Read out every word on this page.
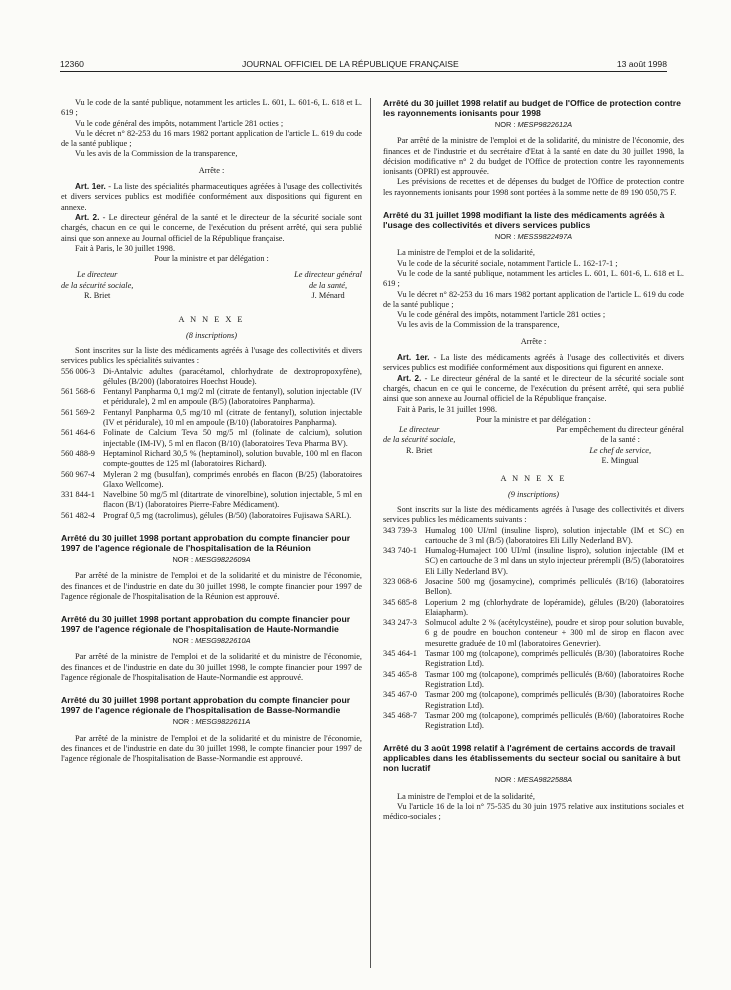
12360	JOURNAL OFFICIEL DE LA RÉPUBLIQUE FRANÇAISE	13 août 1998

Vu le code de la santé publique, notamment les articles L. 601, L. 601-6, L. 618 et L. 619 ;

Vu le code général des impôts, notamment l'article 281 octies ;

Vu le décret n° 82-253 du 16 mars 1982 portant application de l'article L. 619 du code de la santé publique ;

Vu les avis de la Commission de la transparence,

Arrête :

Art. 1er. - La liste des spécialités pharmaceutiques agréées à l'usage des collectivités et divers services publics est modifiée conformément aux dispositions qui figurent en annexe.

Art. 2. - Le directeur général de la santé et le directeur de la sécurité sociale sont chargés, chacun en ce qui le concerne, de l'exécution du présent arrêté, qui sera publié ainsi que son annexe au Journal officiel de la République française.

Fait à Paris, le 30 juillet 1998.

Pour la ministre et par délégation :

Le directeur
de la sécurité sociale,
R. Briet
Le directeur général
de la santé,
J. Ménard

A N N E X E

(8 inscriptions)

Sont inscrites sur la liste des médicaments agréés à l'usage des collectivités et divers services publics les spécialités suivantes :

556 006-3 Di-Antalvic adultes (paracétamol, chlorhydrate de dextropropoxyfène), gélules (B/200) (laboratoires Hoechst Houde).
561 568-6 Fentanyl Panpharma 0,1 mg/2 ml (citrate de fentanyl), solution injectable (IV et péridurale), 2 ml en ampoule (B/5) (laboratoires Panpharma).
561 569-2 Fentanyl Panpharma 0,5 mg/10 ml (citrate de fentanyl), solution injectable (IV et péridurale), 10 ml en ampoule (B/10) (laboratoires Panpharma).
561 464-6 Folinate de Calcium Teva 50 mg/5 ml (folinate de calcium), solution injectable (IM-IV), 5 ml en flacon (B/10) (laboratoires Teva Pharma BV).
560 488-9 Heptaminol Richard 30,5 % (heptaminol), solution buvable, 100 ml en flacon compte-gouttes de 125 ml (laboratoires Richard).
560 967-4 Myleran 2 mg (busulfan), comprimés enrobés en flacon (B/25) (laboratoires Glaxo Wellcome).
331 844-1 Navelbine 50 mg/5 ml (ditartrate de vinorelbine), solution injectable, 5 ml en flacon (B/1) (laboratoires Pierre-Fabre Médicament).
561 482-4 Prograf 0,5 mg (tacrolimus), gélules (B/50) (laboratoires Fujisawa SARL).

Arrêté du 30 juillet 1998 portant approbation du compte financier pour 1997 de l'agence régionale de l'hospitalisation de la Réunion

NOR : MESG9822609A

Par arrêté de la ministre de l'emploi et de la solidarité et du ministre de l'économie, des finances et de l'industrie en date du 30 juillet 1998, le compte financier pour 1997 de l'agence régionale de l'hospitalisation de la Réunion est approuvé.

Arrêté du 30 juillet 1998 portant approbation du compte financier pour 1997 de l'agence régionale de l'hospitalisation de Haute-Normandie

NOR : MESG9822610A

Par arrêté de la ministre de l'emploi et de la solidarité et du ministre de l'économie, des finances et de l'industrie en date du 30 juillet 1998, le compte financier pour 1997 de l'agence régionale de l'hospitalisation de Haute-Normandie est approuvé.

Arrêté du 30 juillet 1998 portant approbation du compte financier pour 1997 de l'agence régionale de l'hospitalisation de Basse-Normandie

NOR : MESG9822611A

Par arrêté de la ministre de l'emploi et de la solidarité et du ministre de l'économie, des finances et de l'industrie en date du 30 juillet 1998, le compte financier pour 1997 de l'agence régionale de l'hospitalisation de Basse-Normandie est approuvé.

Arrêté du 30 juillet 1998 relatif au budget de l'Office de protection contre les rayonnements ionisants pour 1998

NOR : MESP9822612A

Par arrêté de la ministre de l'emploi et de la solidarité, du ministre de l'économie, des finances et de l'industrie et du secrétaire d'Etat à la santé en date du 30 juillet 1998, la décision modificative n° 2 du budget de l'Office de protection contre les rayonnements ionisants (OPRI) est approuvée.

Les prévisions de recettes et de dépenses du budget de l'Office de protection contre les rayonnements ionisants pour 1998 sont portées à la somme nette de 89 190 050,75 F.

Arrêté du 31 juillet 1998 modifiant la liste des médicaments agréés à l'usage des collectivités et divers services publics

NOR : MESS9822497A

La ministre de l'emploi et de la solidarité,

Vu le code de la sécurité sociale, notamment l'article L. 162-17-1 ;

Vu le code de la santé publique, notamment les articles L. 601, L. 601-6, L. 618 et L. 619 ;

Vu le décret n° 82-253 du 16 mars 1982 portant application de l'article L. 619 du code de la santé publique ;

Vu le code général des impôts, notamment l'article 281 octies ;

Vu les avis de la Commission de la transparence,

Arrête :

Art. 1er. - La liste des médicaments agréés à l'usage des collectivités et divers services publics est modifiée conformément aux dispositions qui figurent en annexe.

Art. 2. - Le directeur général de la santé et le directeur de la sécurité sociale sont chargés, chacun en ce qui le concerne, de l'exécution du présent arrêté, qui sera publié ainsi que son annexe au Journal officiel de la République française.

Fait à Paris, le 31 juillet 1998.

Pour la ministre et par délégation :

Le directeur
de la sécurité sociale,
R. Briet
Par empêchement du directeur général
de la santé :
Le chef de service,
E. Mingual

A N N E X E

(9 inscriptions)

Sont inscrits sur la liste des médicaments agréés à l'usage des collectivités et divers services publics les médicaments suivants :

343 739-3 Humalog 100 UI/ml (insuline lispro), solution injectable (IM et SC) en cartouche de 3 ml (B/5) (laboratoires Eli Lilly Nederland BV).
343 740-1 Humalog-Humaject 100 UI/ml (insuline lispro), solution injectable (IM et SC) en cartouche de 3 ml dans un stylo injecteur prérempli (B/5) (laboratoires Eli Lilly Nederland BV).
323 068-6 Josacine 500 mg (josamycine), comprimés pelliculés (B/16) (laboratoires Bellon).
345 685-8 Loperium 2 mg (chlorhydrate de lopéramide), gélules (B/20) (laboratoires Elaiapharm).
343 247-3 Solmucol adulte 2 % (acétylcystéine), poudre et sirop pour solution buvable, 6 g de poudre en bouchon conteneur + 300 ml de sirop en flacon avec mesurette graduée de 10 ml (laboratoires Genevrier).
345 464-1 Tasmar 100 mg (tolcapone), comprimés pelliculés (B/30) (laboratoires Roche Registration Ltd).
345 465-8 Tasmar 100 mg (tolcapone), comprimés pelliculés (B/60) (laboratoires Roche Registration Ltd).
345 467-0 Tasmar 200 mg (tolcapone), comprimés pelliculés (B/30) (laboratoires Roche Registration Ltd).
345 468-7 Tasmar 200 mg (tolcapone), comprimés pelliculés (B/60) (laboratoires Roche Registration Ltd).

Arrêté du 3 août 1998 relatif à l'agrément de certains accords de travail applicables dans les établissements du secteur social ou sanitaire à but non lucratif

NOR : MESA9822588A

La ministre de l'emploi et de la solidarité,

Vu l'article 16 de la loi n° 75-535 du 30 juin 1975 relative aux institutions sociales et médico-sociales ;
